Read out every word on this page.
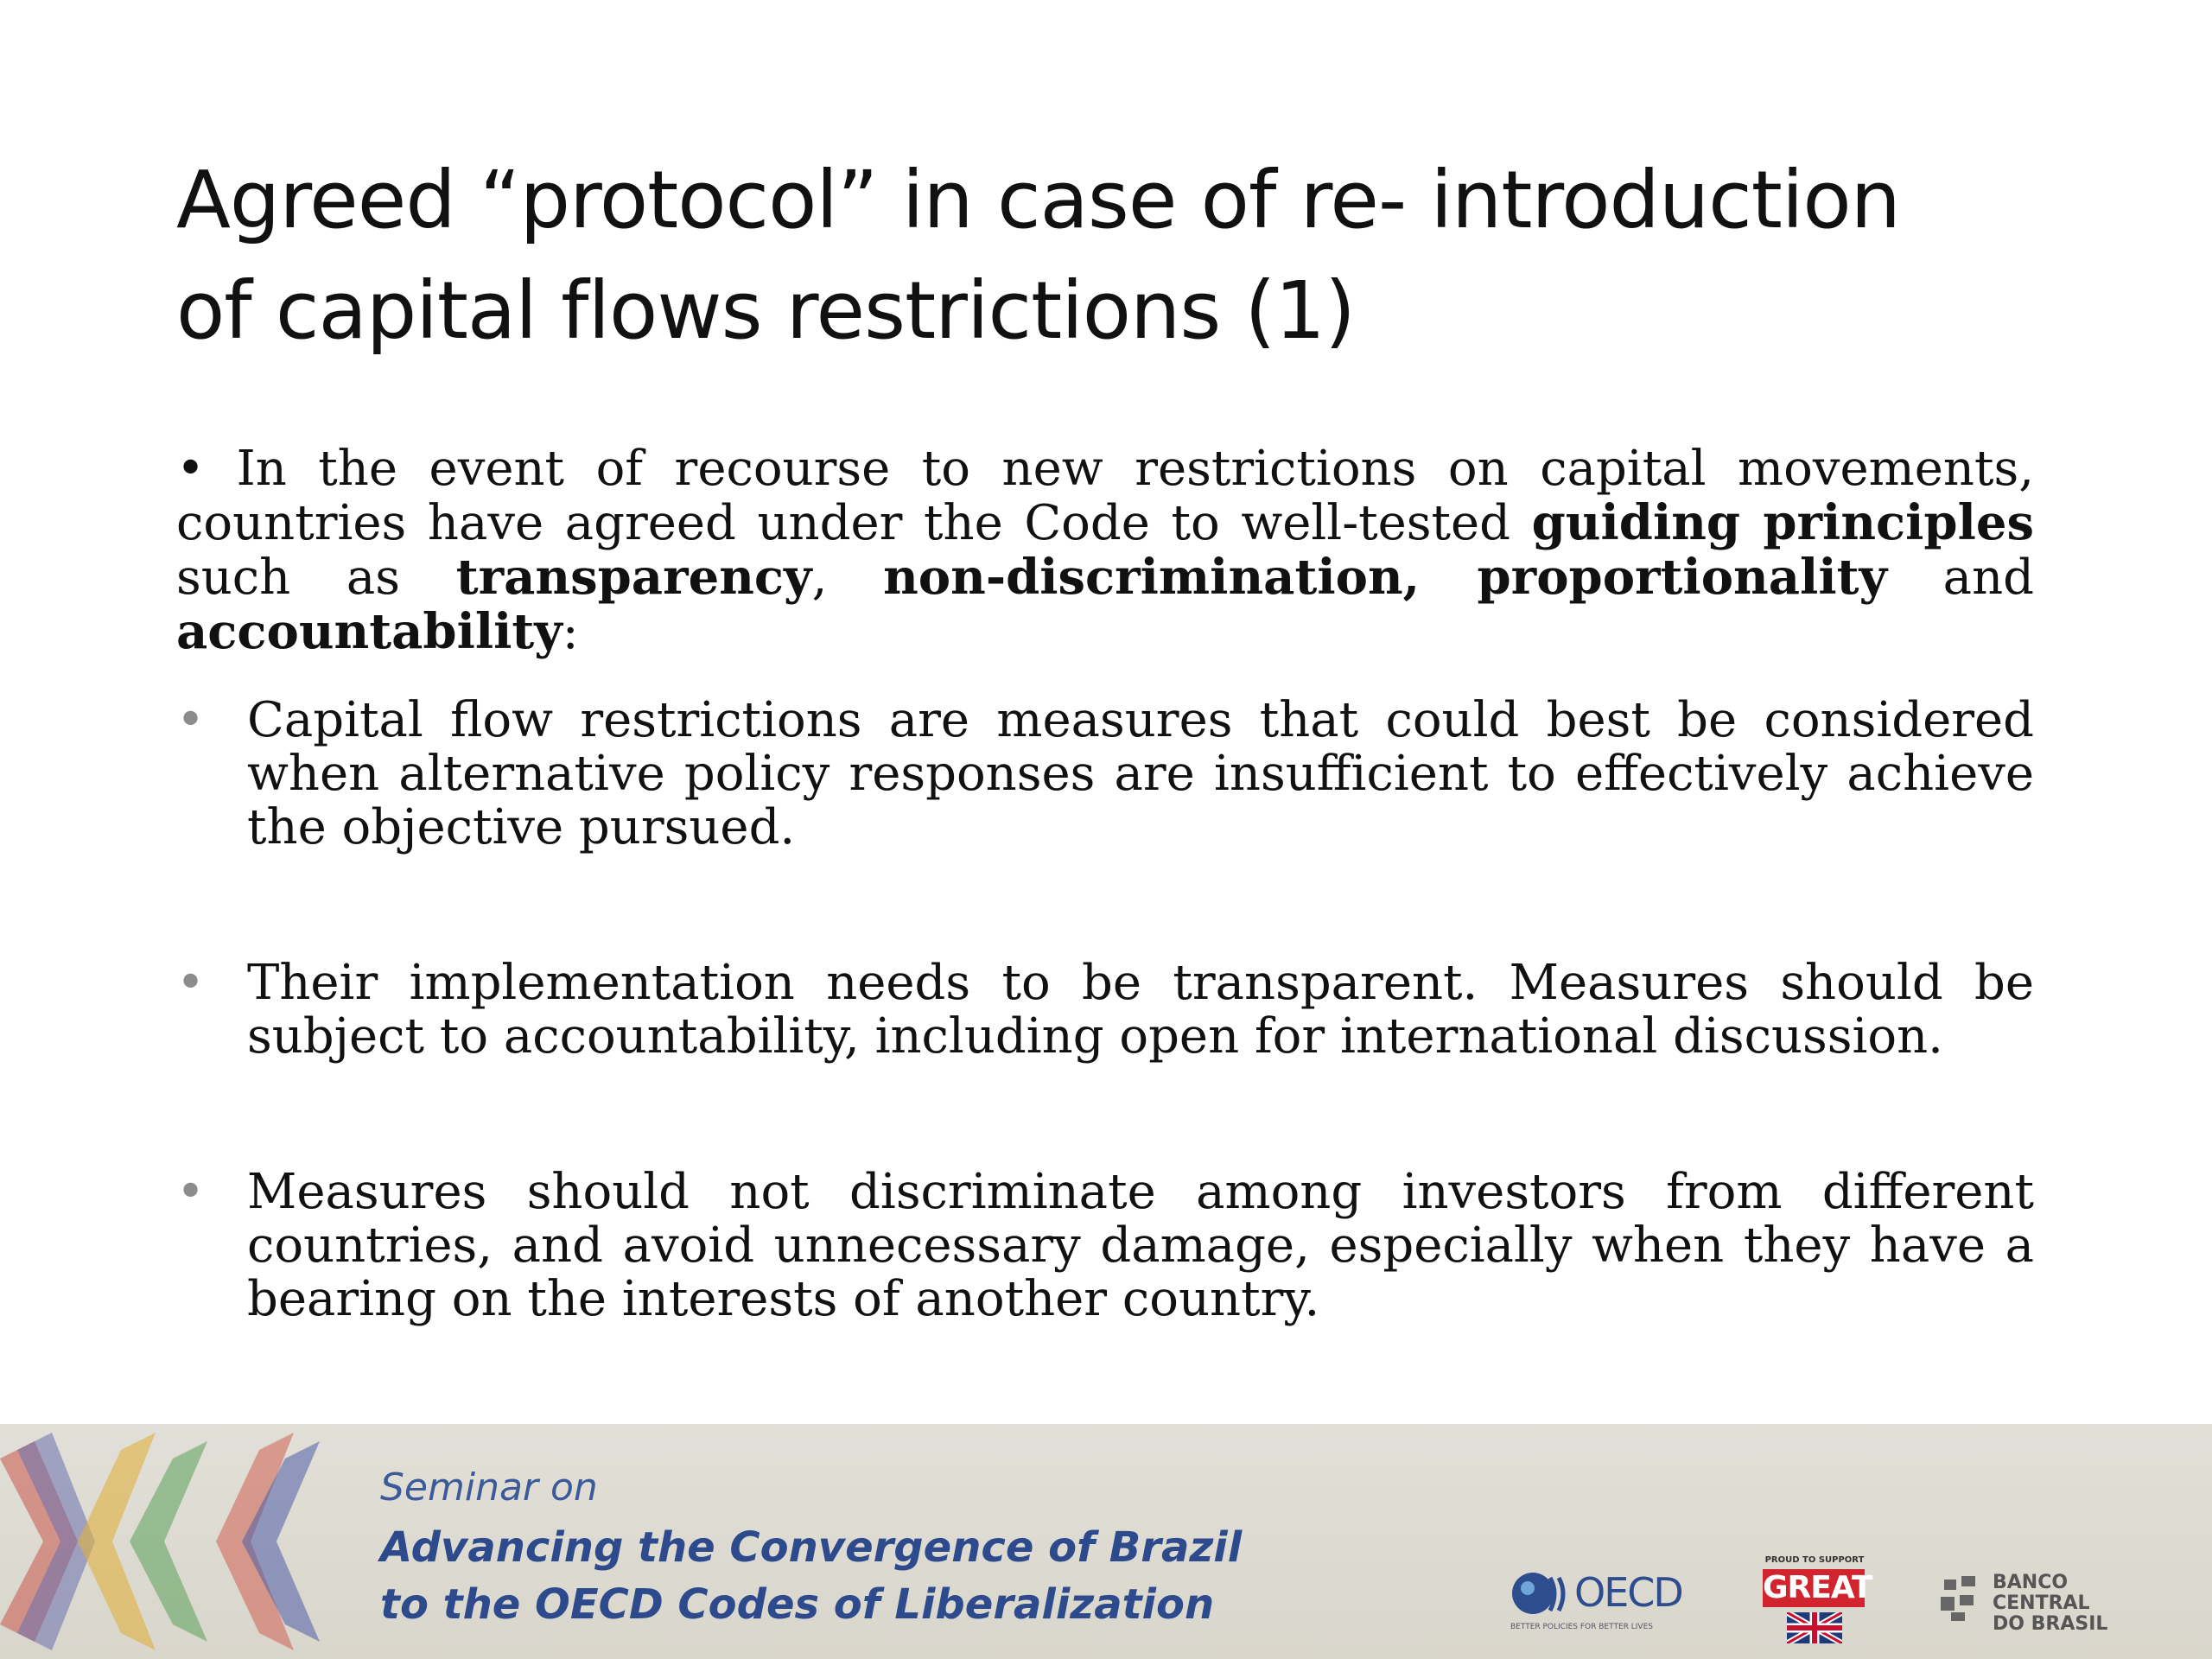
Agreed “protocol” in case of re- introduction
of capital flows restrictions (1)

• In the event of recourse to new restrictions on capital movements, countries have agreed under the Code to well-tested guiding principles such as transparency, non-discrimination, proportionality and accountability:

• Capital flow restrictions are measures that could best be considered when alternative policy responses are insufficient to effectively achieve the objective pursued.
• Their implementation needs to be transparent. Measures should be subject to accountability, including open for international discussion.
• Measures should not discriminate among investors from different countries, and avoid unnecessary damage, especially when they have a bearing on the interests of another country.
Seminar on
Advancing the Convergence of Brazil
to the OECD Codes of Liberalization	OECD
BETTER POLICIES FOR BETTER LIVES
PROUD TO SUPPORT
GREAT	BANCO CENTRAL
DO BRASIL
